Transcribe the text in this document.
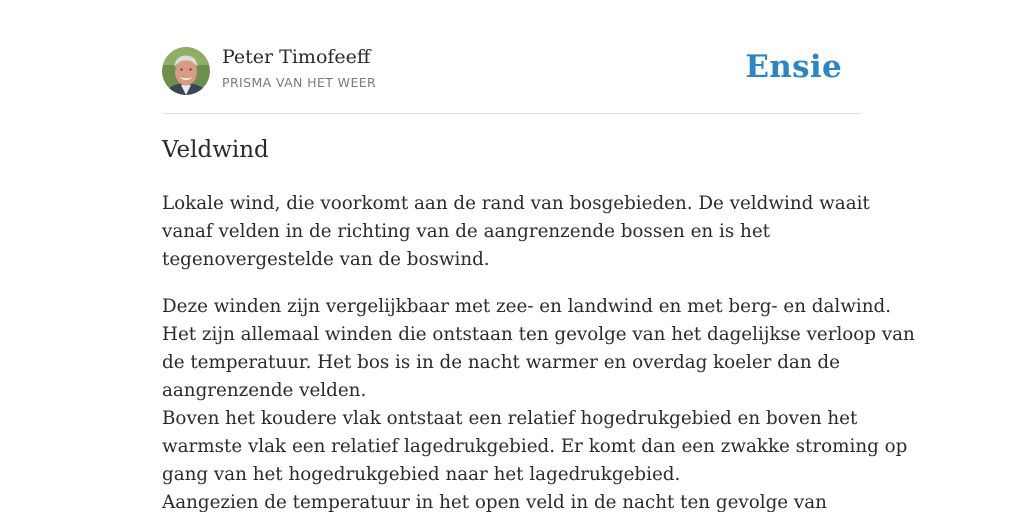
Peter Timofeeff
PRISMA VAN HET WEER	Ensie
Veldwind

Lokale wind, die voorkomt aan de rand van bosgebieden. De veldwind waait
vanaf velden in de richting van de aangrenzende bossen en is het
tegenovergestelde van de boswind.

Deze winden zijn vergelijkbaar met zee- en landwind en met berg- en dalwind.
Het zijn allemaal winden die ontstaan ten gevolge van het dagelijkse verloop van
de temperatuur. Het bos is in de nacht warmer en overdag koeler dan de
aangrenzende velden.
Boven het koudere vlak ontstaat een relatief hogedrukgebied en boven het
warmste vlak een relatief lagedrukgebied. Er komt dan een zwakke stroming op
gang van het hogedrukgebied naar het lagedrukgebied.
Aangezien de temperatuur in het open veld in de nacht ten gevolge van
